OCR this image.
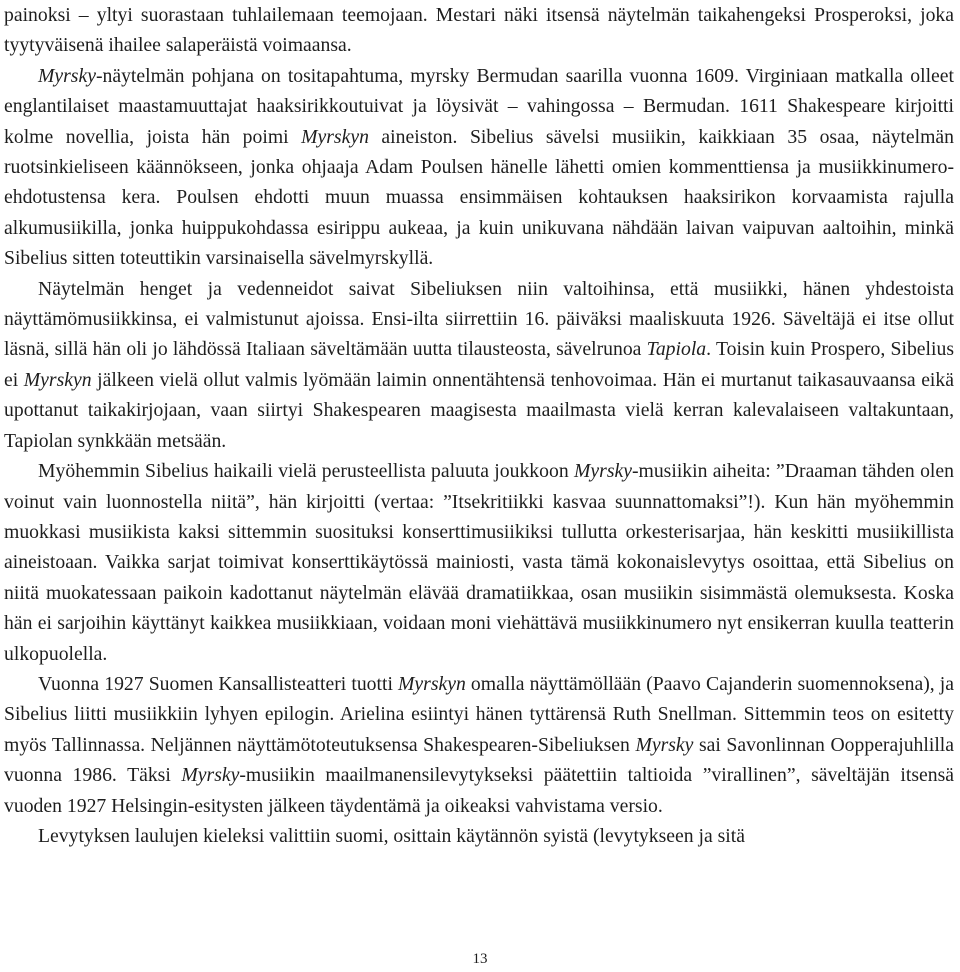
painoksi – yltyi suorastaan tuhlailemaan teemojaan. Mestari näki itsensä näytelmän taikahengeksi Prosperoksi, joka tyytyväisenä ihailee salaperäistä voimaansa.

Myrsky-näytelmän pohjana on tositapahtuma, myrsky Bermudan saarilla vuonna 1609. Virginiaan matkalla olleet englantilaiset maastamuuttajat haaksirikkoutuivat ja löysivät – vahingossa – Bermudan. 1611 Shakespeare kirjoitti kolme novellia, joista hän poimi Myrskyn aineiston. Sibelius sävelsi musiikin, kaikkiaan 35 osaa, näytelmän ruotsinkieliseen käännökseen, jonka ohjaaja Adam Poulsen hänelle lähetti omien kommenttiensa ja musiikkinumeroehdotustensa kera. Poulsen ehdotti muun muassa ensimmäisen kohtauksen haaksirikon korvaamista rajulla alkumusiikilla, jonka huippukohdassa esirippu aukeaa, ja kuin unikuvana nähdään laivan vaipuvan aaltoihin, minkä Sibelius sitten toteuttikin varsinaisella sävelmyrskyllä.

Näytelmän henget ja vedenneidot saivat Sibeliuksen niin valtoihinsa, että musiikki, hänen yhdestoista näyttämömusiikkinsa, ei valmistunut ajoissa. Ensi-ilta siirrettiin 16. päiväksi maaliskuuta 1926. Säveltäjä ei itse ollut läsnä, sillä hän oli jo lähdössä Italiaan säveltämään uutta tilausteosta, sävelrunoa Tapiola. Toisin kuin Prospero, Sibelius ei Myrskyn jälkeen vielä ollut valmis lyömään laimin onnentähtensä tenhovoimaa. Hän ei murtanut taikasauvaansa eikä upottanut taikakirjojaan, vaan siirtyi Shakespearen maagisesta maailmasta vielä kerran kalevalaiseen valtakuntaan, Tapiolan synkkään metsään.

Myöhemmin Sibelius haikaili vielä perusteellista paluuta joukkoon Myrsky-musiikin aiheita: ”Draaman tähden olen voinut vain luonnostella niitä”, hän kirjoitti (vertaa: ”Itsekritiikki kasvaa suunnattomaksi”!). Kun hän myöhemmin muokkasi musiikista kaksi sittemmin suosituksi konserttimusiikiksi tullutta orkesterisarjaa, hän keskitti musiikillista aineistoaan. Vaikka sarjat toimivat konserttikäytössä mainiosti, vasta tämä kokonaislevytys osoittaa, että Sibelius on niitä muokatessaan paikoin kadottanut näytelmän elävää dramatiikkaa, osan musiikin sisimmästä olemuksesta. Koska hän ei sarjoihin käyttänyt kaikkea musiikkiaan, voidaan moni viehättävä musiikkinumero nyt ensikerran kuulla teatterin ulkopuolella.

Vuonna 1927 Suomen Kansallisteatteri tuotti Myrskyn omalla näyttämöllään (Paavo Cajanderin suomennoksena), ja Sibelius liitti musiikkiin lyhyen epilogin. Arielina esiintyi hänen tyttärensä Ruth Snellman. Sittemmin teos on esitetty myös Tallinnassa. Neljännen näyttämötoteutuksensa Shakespearen-Sibeliuksen Myrsky sai Savonlinnan Oopperajuhlilla vuonna 1986. Täksi Myrsky-musiikin maailmanensilevytykseksi päätettiin taltioida ”virallinen”, säveltäjän itsensä vuoden 1927 Helsingin-esitysten jälkeen täydentämä ja oikeaksi vahvistama versio.

Levytyksen laulujen kieleksi valittiin suomi, osittain käytännön syistä (levytykseen ja sitä

13
